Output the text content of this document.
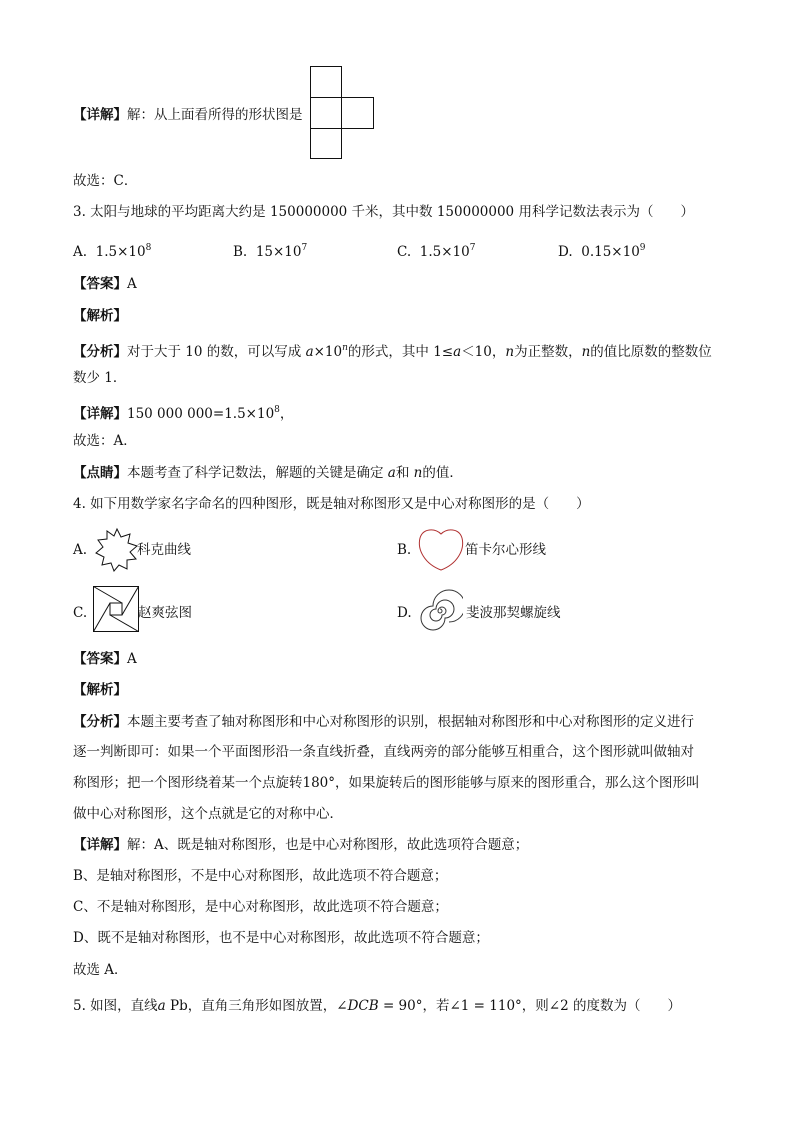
【详解】解：从上面看所得的形状图是
故选：C．
3. 太阳与地球的平均距离大约是 150000000 千米，其中数 150000000 用科学记数法表示为（　　）
A. $1.5\times 10^8$	B. $15\times 10^7$	C. $1.5\times 10^7$	D. $0.15\times 10^9$
【答案】A
【解析】
【分析】对于大于 10 的数，可以写成 $a\times 10^n$的形式，其中 1≤a＜10，n为正整数，n的值比原数的整数位
数少 1．
【详解】150 000 $000=1.5\times 10^8$，
故选：A．
【点睛】本题考查了科学记数法，解题的关键是确定 a和 n的值．
4. 如下用数学家名字命名的四种图形，既是轴对称图形又是中心对称图形的是（　　）
A.	科克曲线	B.	笛卡尔心形线
C.	赵爽弦图	D.	斐波那契螺旋线
【答案】A
【解析】
【分析】本题主要考查了轴对称图形和中心对称图形的识别，根据轴对称图形和中心对称图形的定义进行
逐一判断即可：如果一个平面图形沿一条直线折叠，直线两旁的部分能够互相重合，这个图形就叫做轴对
称图形；把一个图形绕着某一个点旋转180°，如果旋转后的图形能够与原来的图形重合，那么这个图形叫
做中心对称图形，这个点就是它的对称中心．
【详解】解：A、既是轴对称图形，也是中心对称图形，故此选项符合题意；
B、是轴对称图形，不是中心对称图形，故此选项不符合题意；
C、不是轴对称图形，是中心对称图形，故此选项不符合题意；
D、既不是轴对称图形，也不是中心对称图形，故此选项不符合题意；
故选 A．
5. 如图，直线a Pb，直角三角形如图放置，∠DCB = 90°，若∠1 = 110°，则∠2 的度数为（　　）
